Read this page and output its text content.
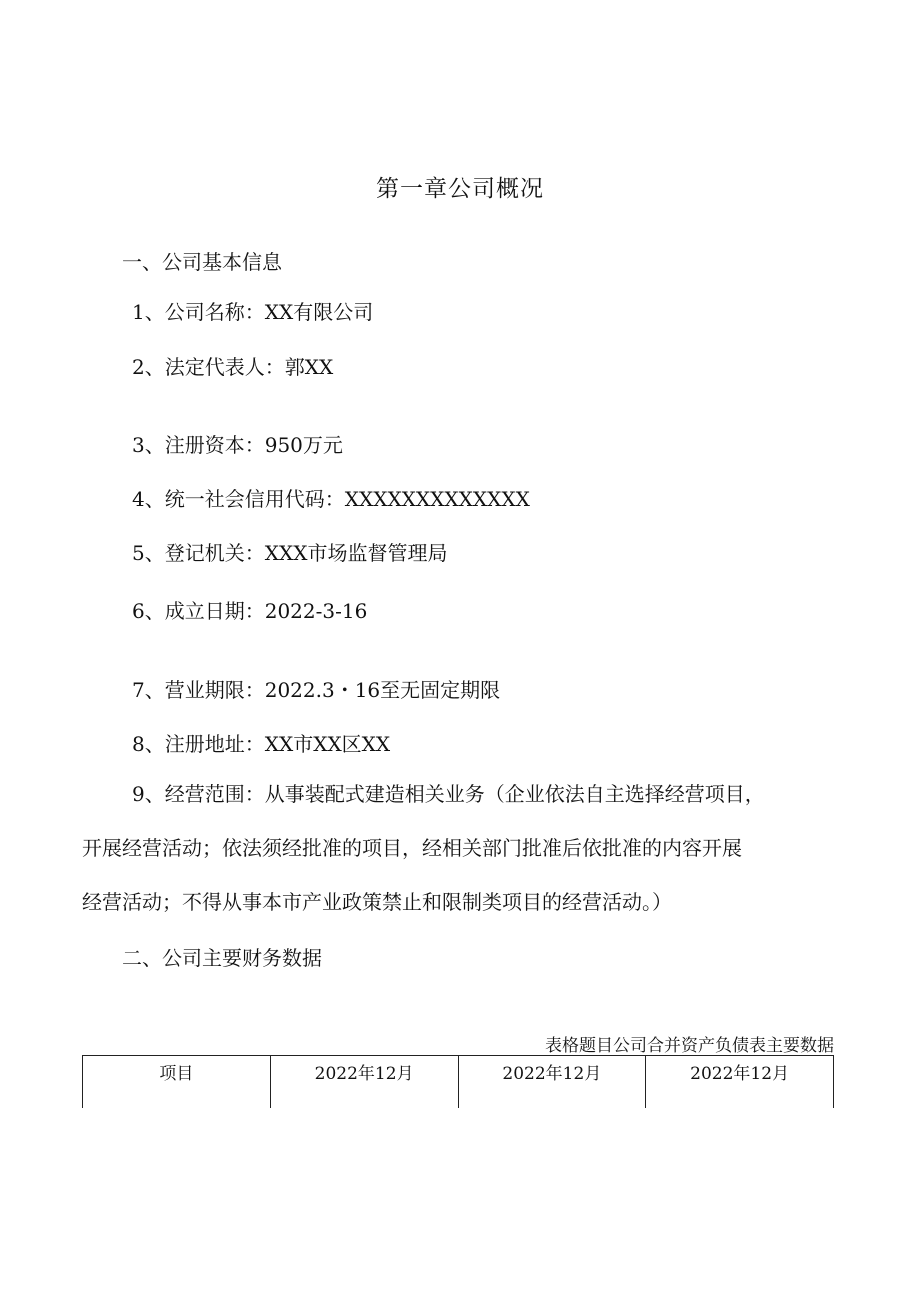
第一章公司概况
一、公司基本信息
1、公司名称：XX有限公司
2、法定代表人：郭XX
3、注册资本：950万元
4、统一社会信用代码：XXXXXXXXXXXXX
5、登记机关：XXX市场监督管理局
6、成立日期：2022-3-16
7、营业期限：2022.3・16至无固定期限
8、注册地址：XX市XX区XX
9、经营范围：从事装配式建造相关业务（企业依法自主选择经营项目，
开展经营活动；依法须经批准的项目，经相关部门批准后依批准的内容开展
经营活动；不得从事本市产业政策禁止和限制类项目的经营活动。）
二、公司主要财务数据
表格题目公司合并资产负债表主要数据
项目	2022年12月	2022年12月	2022年12月
